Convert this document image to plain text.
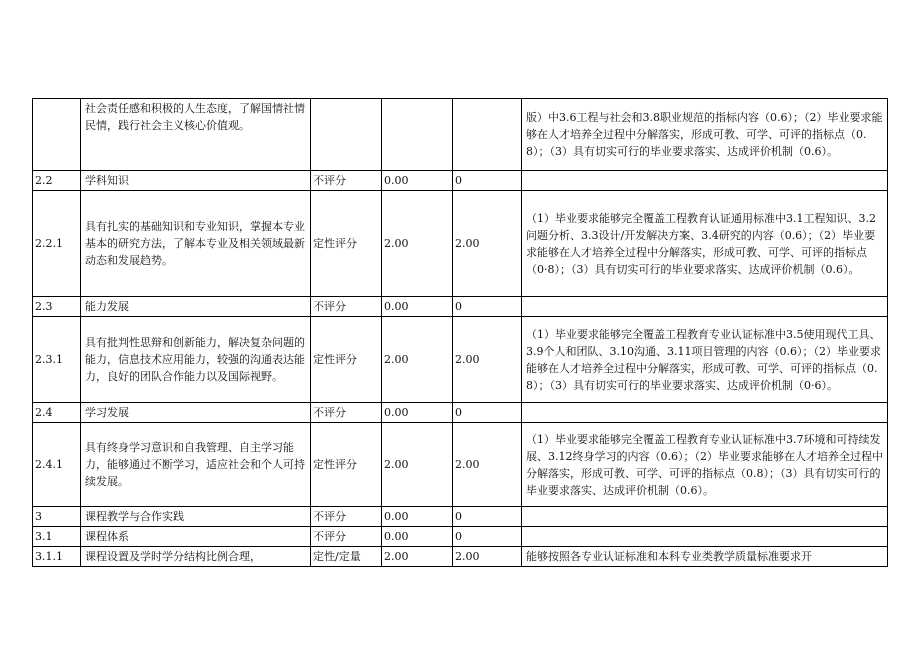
	社会责任感和积极的人生态度，了解国情社情民情，践行社会主义核心价值观。				版）中3.6工程与社会和3.8职业规范的指标内容（0.6）；（2）毕业要求能够在人才培养全过程中分解落实，形成可教、可学、可评的指标点（0.8）；（3）具有切实可行的毕业要求落实、达成评价机制（0.6）。
2.2	学科知识	不评分	0.00	0	
2.2.1	具有扎实的基础知识和专业知识，掌握本专业基本的研究方法，了解本专业及相关领域最新动态和发展趋势。	定性评分	2.00	2.00	（1）毕业要求能够完全覆盖工程教育认证通用标准中3.1工程知识、3.2问题分析、3.3设计/开发解决方案、3.4研究的内容（0.6）；（2）毕业要求能够在人才培养全过程中分解落实，形成可教、可学、可评的指标点（0·8）；（3）具有切实可行的毕业要求落实、达成评价机制（0.6）。
2.3	能力发展	不评分	0.00	0	
2.3.1	具有批判性思辩和创新能力，解决复杂问题的能力，信息技术应用能力，较强的沟通表达能力，良好的团队合作能力以及国际视野。	定性评分	2.00	2.00	（1）毕业要求能够完全覆盖工程教育专业认证标准中3.5使用现代工具、3.9个人和团队、3.10沟通、3.11项目管理的内容（0.6）；（2）毕业要求能够在人才培养全过程中分解落实，形成可教、可学、可评的指标点（0.8）；（3）具有切实可行的毕业要求落实、达成评价机制（0·6）。
2.4	学习发展	不评分	0.00	0	
2.4.1	具有终身学习意识和自我管理、自主学习能力，能够通过不断学习，适应社会和个人可持续发展。	定性评分	2.00	2.00	（1）毕业要求能够完全覆盖工程教育专业认证标准中3.7环境和可持续发展、3.12终身学习的内容（0.6）；（2）毕业要求能够在人才培养全过程中分解落实，形成可教、可学、可评的指标点（0.8）；（3）具有切实可行的毕业要求落实、达成评价机制（0.6）。
3	课程教学与合作实践	不评分	0.00	0	
3.1	课程体系	不评分	0.00	0	
3.1.1	课程设置及学时学分结构比例合理，	定性/定量	2.00	2.00	能够按照各专业认证标准和本科专业类教学质量标准要求开
